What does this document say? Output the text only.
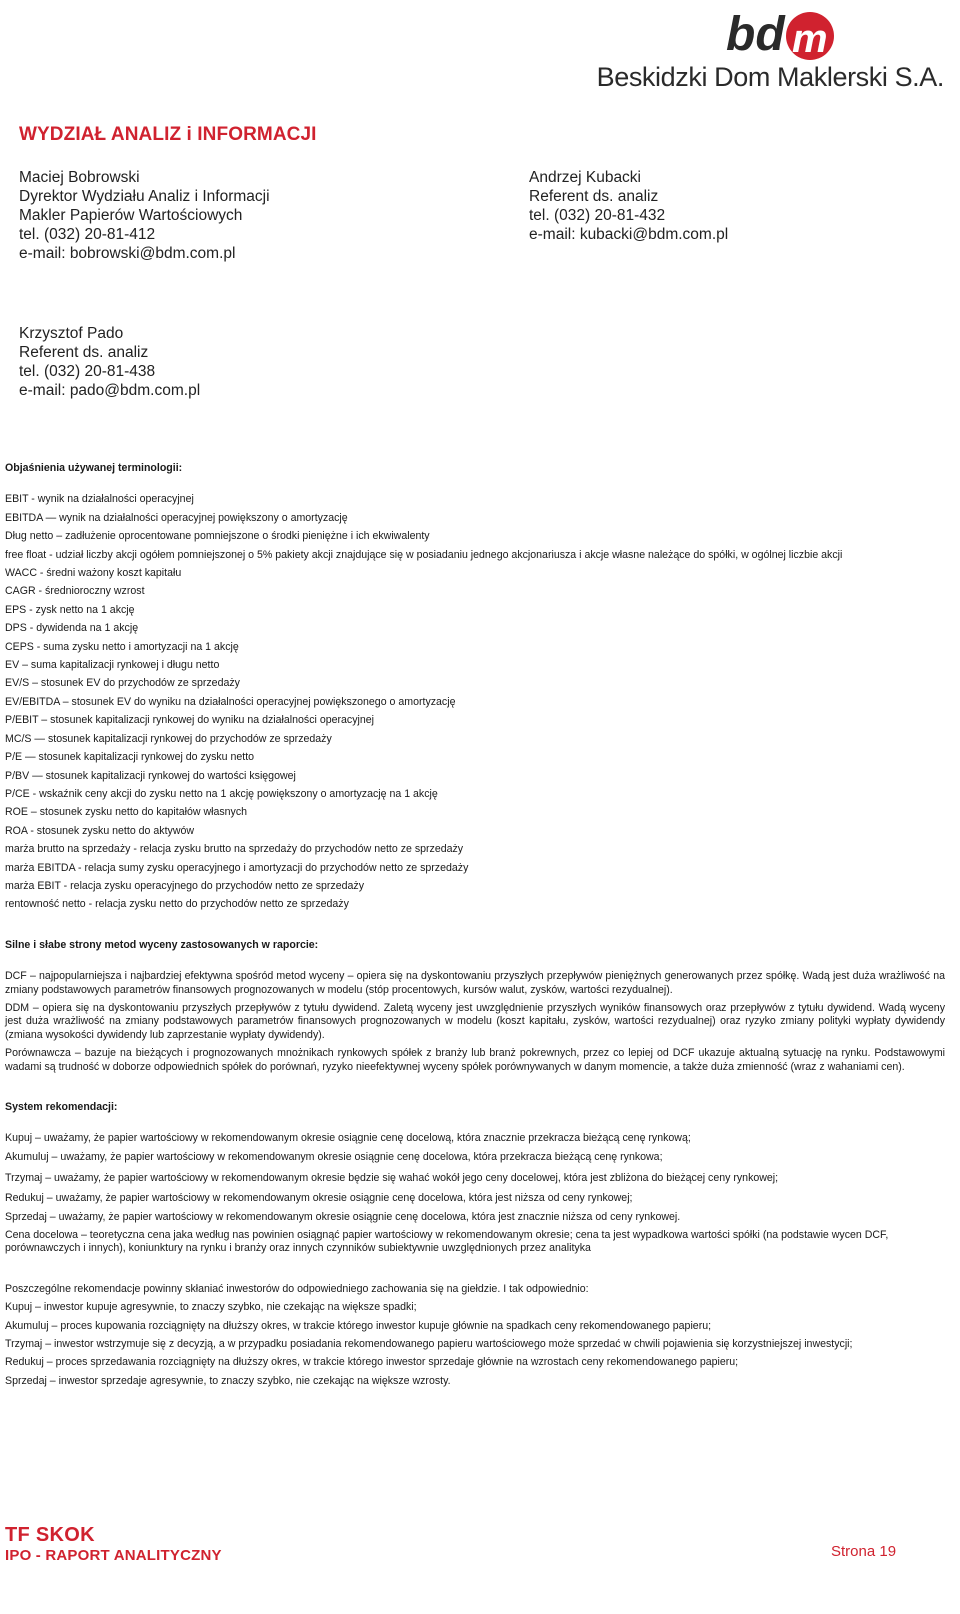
bd m
Beskidzki Dom Maklerski S.A.
WYDZIAŁ ANALIZ i INFORMACJI
Maciej Bobrowski
Dyrektor Wydziału Analiz i Informacji
Makler Papierów Wartościowych
tel. (032) 20-81-412
e-mail: bobrowski@bdm.com.pl
Andrzej Kubacki
Referent ds. analiz
tel. (032) 20-81-432
e-mail: kubacki@bdm.com.pl
Krzysztof Pado
Referent ds. analiz
tel. (032) 20-81-438
e-mail: pado@bdm.com.pl

Objaśnienia używanej terminologii:

EBIT - wynik na działalności operacyjnej
EBITDA — wynik na działalności operacyjnej powiększony o amortyzację
Dług netto – zadłużenie oprocentowane pomniejszone o środki pieniężne i ich ekwiwalenty
free float - udział liczby akcji ogółem pomniejszonej o 5% pakiety akcji znajdujące się w posiadaniu jednego akcjonariusza i akcje własne należące do spółki, w ogólnej liczbie akcji
WACC - średni ważony koszt kapitału
CAGR - średnioroczny wzrost
EPS - zysk netto na 1 akcję
DPS - dywidenda na 1 akcję
CEPS - suma zysku netto i amortyzacji na 1 akcję
EV – suma kapitalizacji rynkowej i długu netto
EV/S – stosunek EV do przychodów ze sprzedaży
EV/EBITDA – stosunek EV do wyniku na działalności operacyjnej powiększonego o amortyzację
P/EBIT – stosunek kapitalizacji rynkowej do wyniku na działalności operacyjnej
MC/S — stosunek kapitalizacji rynkowej do przychodów ze sprzedaży
P/E — stosunek kapitalizacji rynkowej do zysku netto
P/BV — stosunek kapitalizacji rynkowej do wartości księgowej
P/CE - wskaźnik ceny akcji do zysku netto na 1 akcję powiększony o amortyzację na 1 akcję
ROE – stosunek zysku netto do kapitałów własnych
ROA - stosunek zysku netto do aktywów
marża brutto na sprzedaży - relacja zysku brutto na sprzedaży do przychodów netto ze sprzedaży
marża EBITDA - relacja sumy zysku operacyjnego i amortyzacji do przychodów netto ze sprzedaży
marża EBIT - relacja zysku operacyjnego do przychodów netto ze sprzedaży
rentowność netto - relacja zysku netto do przychodów netto ze sprzedaży

Silne i słabe strony metod wyceny zastosowanych w raporcie:

DCF – najpopularniejsza i najbardziej efektywna spośród metod wyceny – opiera się na dyskontowaniu przyszłych przepływów pieniężnych generowanych przez spółkę. Wadą jest duża wrażliwość na zmiany podstawowych parametrów finansowych prognozowanych w modelu (stóp procentowych, kursów walut, zysków, wartości rezydualnej).

DDM – opiera się na dyskontowaniu przyszłych przepływów z tytułu dywidend. Zaletą wyceny jest uwzględnienie przyszłych wyników finansowych oraz przepływów z tytułu dywidend. Wadą wyceny jest duża wrażliwość na zmiany podstawowych parametrów finansowych prognozowanych w modelu (koszt kapitału, zysków, wartości rezydualnej) oraz ryzyko zmiany polityki wypłaty dywidendy (zmiana wysokości dywidendy lub zaprzestanie wypłaty dywidendy).

Porównawcza – bazuje na bieżących i prognozowanych mnożnikach rynkowych spółek z branży lub branż pokrewnych, przez co lepiej od DCF ukazuje aktualną sytuację na rynku. Podstawowymi wadami są trudność w doborze odpowiednich spółek do porównań, ryzyko nieefektywnej wyceny spółek porównywanych w danym momencie, a także duża zmienność (wraz z wahaniami cen).

System rekomendacji:

Kupuj – uważamy, że papier wartościowy w rekomendowanym okresie osiągnie cenę docelową, która znacznie przekracza bieżącą cenę rynkową;
Akumuluj – uważamy, że papier wartościowy w rekomendowanym okresie osiągnie cenę docelowa, która przekracza bieżącą cenę rynkowa;
Trzymaj – uważamy, że papier wartościowy w rekomendowanym okresie będzie się wahać wokół jego ceny docelowej, która jest zbliżona do bieżącej ceny rynkowej;
Redukuj – uważamy, że papier wartościowy w rekomendowanym okresie osiągnie cenę docelowa, która jest niższa od ceny rynkowej;
Sprzedaj – uważamy, że papier wartościowy w rekomendowanym okresie osiągnie cenę docelowa, która jest znacznie niższa od ceny rynkowej.
Cena docelowa – teoretyczna cena jaka według nas powinien osiągnąć papier wartościowy w rekomendowanym okresie; cena ta jest wypadkowa wartości spółki (na podstawie wycen DCF, porównawczych i innych), koniunktury na rynku i branży oraz innych czynników subiektywnie uwzględnionych przez analityka
Poszczególne rekomendacje powinny skłaniać inwestorów do odpowiedniego zachowania się na giełdzie. I tak odpowiednio:
Kupuj – inwestor kupuje agresywnie, to znaczy szybko, nie czekając na większe spadki;
Akumuluj – proces kupowania rozciągnięty na dłuższy okres, w trakcie którego inwestor kupuje głównie na spadkach ceny rekomendowanego papieru;
Trzymaj – inwestor wstrzymuje się z decyzją, a w przypadku posiadania rekomendowanego papieru wartościowego może sprzedać w chwili pojawienia się korzystniejszej inwestycji;
Redukuj – proces sprzedawania rozciągnięty na dłuższy okres, w trakcie którego inwestor sprzedaje głównie na wzrostach ceny rekomendowanego papieru;
Sprzedaj – inwestor sprzedaje agresywnie, to znaczy szybko, nie czekając na większe wzrosty.
TF SKOK
IPO - RAPORT ANALITYCZNY	Strona 19
